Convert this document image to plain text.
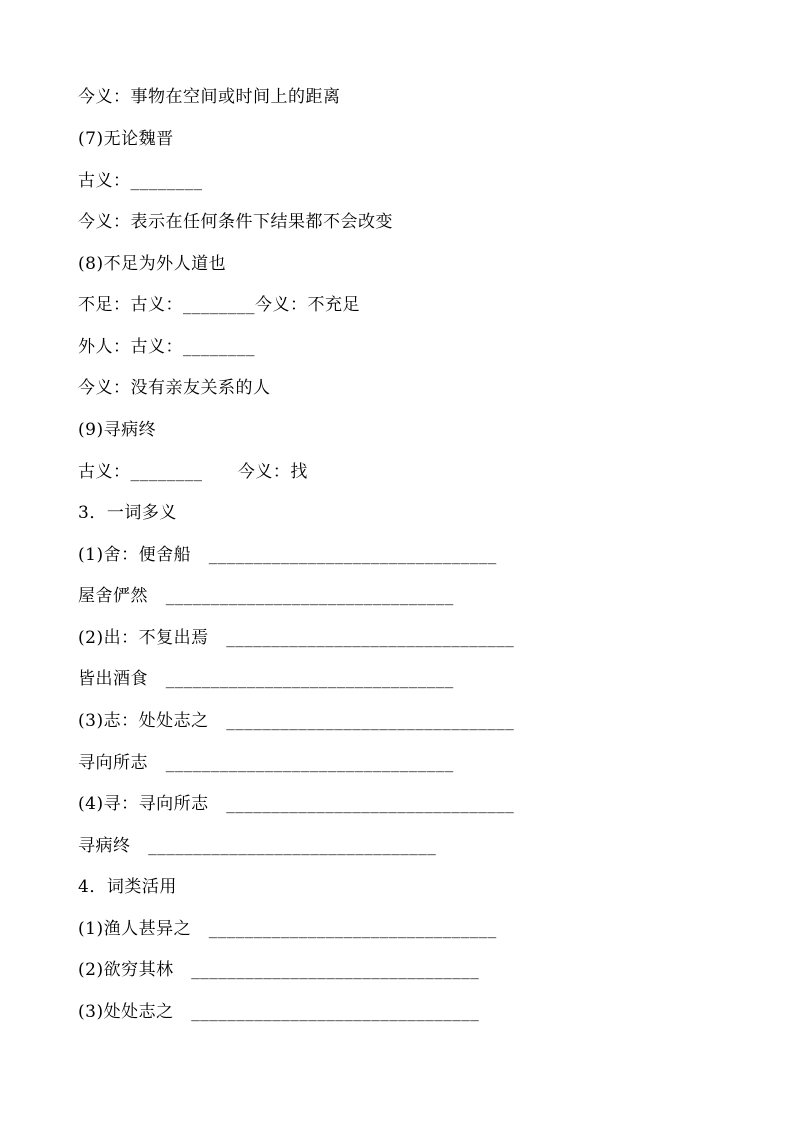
今义：事物在空间或时间上的距离
(7)无论魏晋
古义：________
今义：表示在任何条件下结果都不会改变
(8)不足为外人道也
不足：古义：________今义：不充足
外人：古义：________
今义：没有亲友关系的人
(9)寻病终
古义：________      今义：找
3．一词多义
(1)舍：便舍船   ________________________________
屋舍俨然   ________________________________
(2)出：不复出焉   ________________________________
皆出酒食   ________________________________
(3)志：处处志之   ________________________________
寻向所志   ________________________________
(4)寻：寻向所志   ________________________________
寻病终   ________________________________
4．词类活用
(1)渔人甚异之   ________________________________
(2)欲穷其林   ________________________________
(3)处处志之   ________________________________
